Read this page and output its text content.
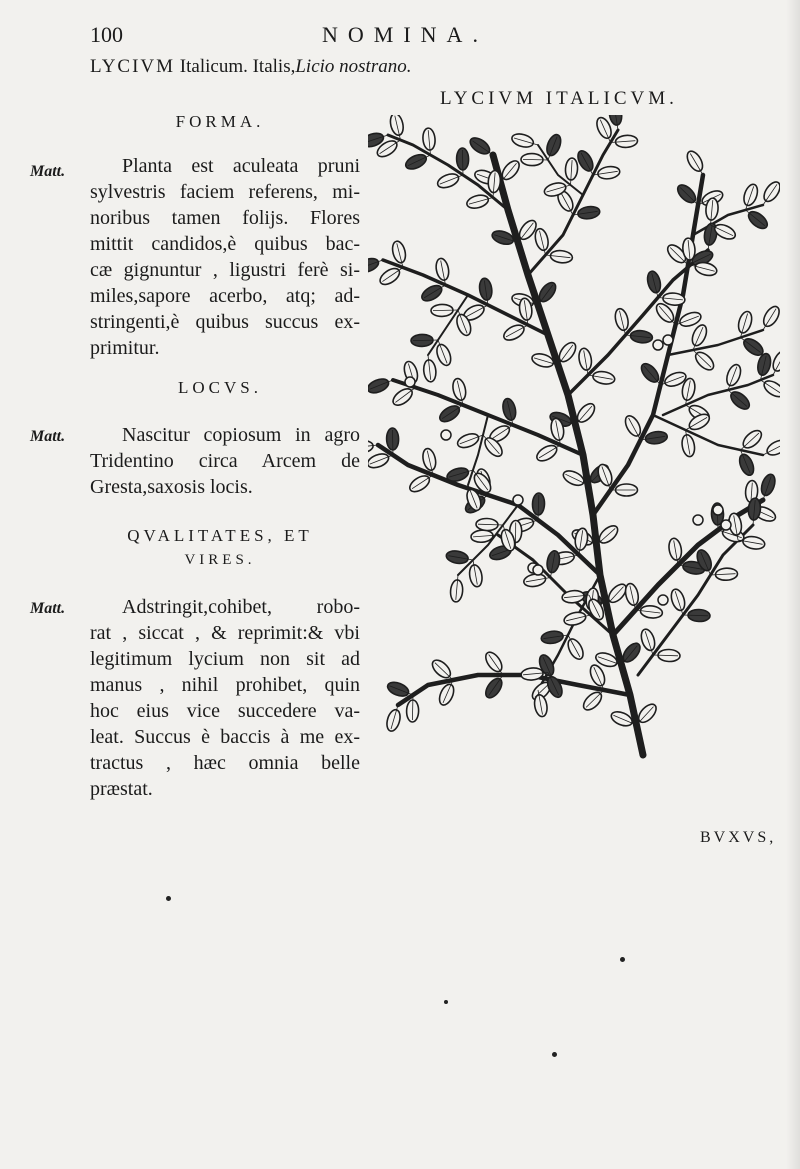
100	NOMINA.
LYCIVM Italicum. Italis,Licio nostrano.
LYCIVM ITALICVM.
FORMA.
Matt.	Planta est aculeata pruni
sylvestris faciem referens, mi-
noribus tamen folijs. Flores
mittit candidos,è quibus bac-
cæ gignuntur , ligustri ferè si-
miles,sapore acerbo, atq; ad-
stringenti,è quibus succus ex-
primitur.
LOCVS.
Matt.	Nascitur copiosum in agro
Tridentino circa Arcem de
Gresta,saxosis locis.
QVALITATES, ET
VIRES.
Matt.	Adstringit,cohibet, robo-
rat , siccat , & reprimit:& vbi
legitimum lycium non sit ad
manus , nihil prohibet, quin
hoc eius vice succedere va-
leat. Succus è baccis à me ex-
tractus , hæc omnia belle
præstat.
BVXVS,
